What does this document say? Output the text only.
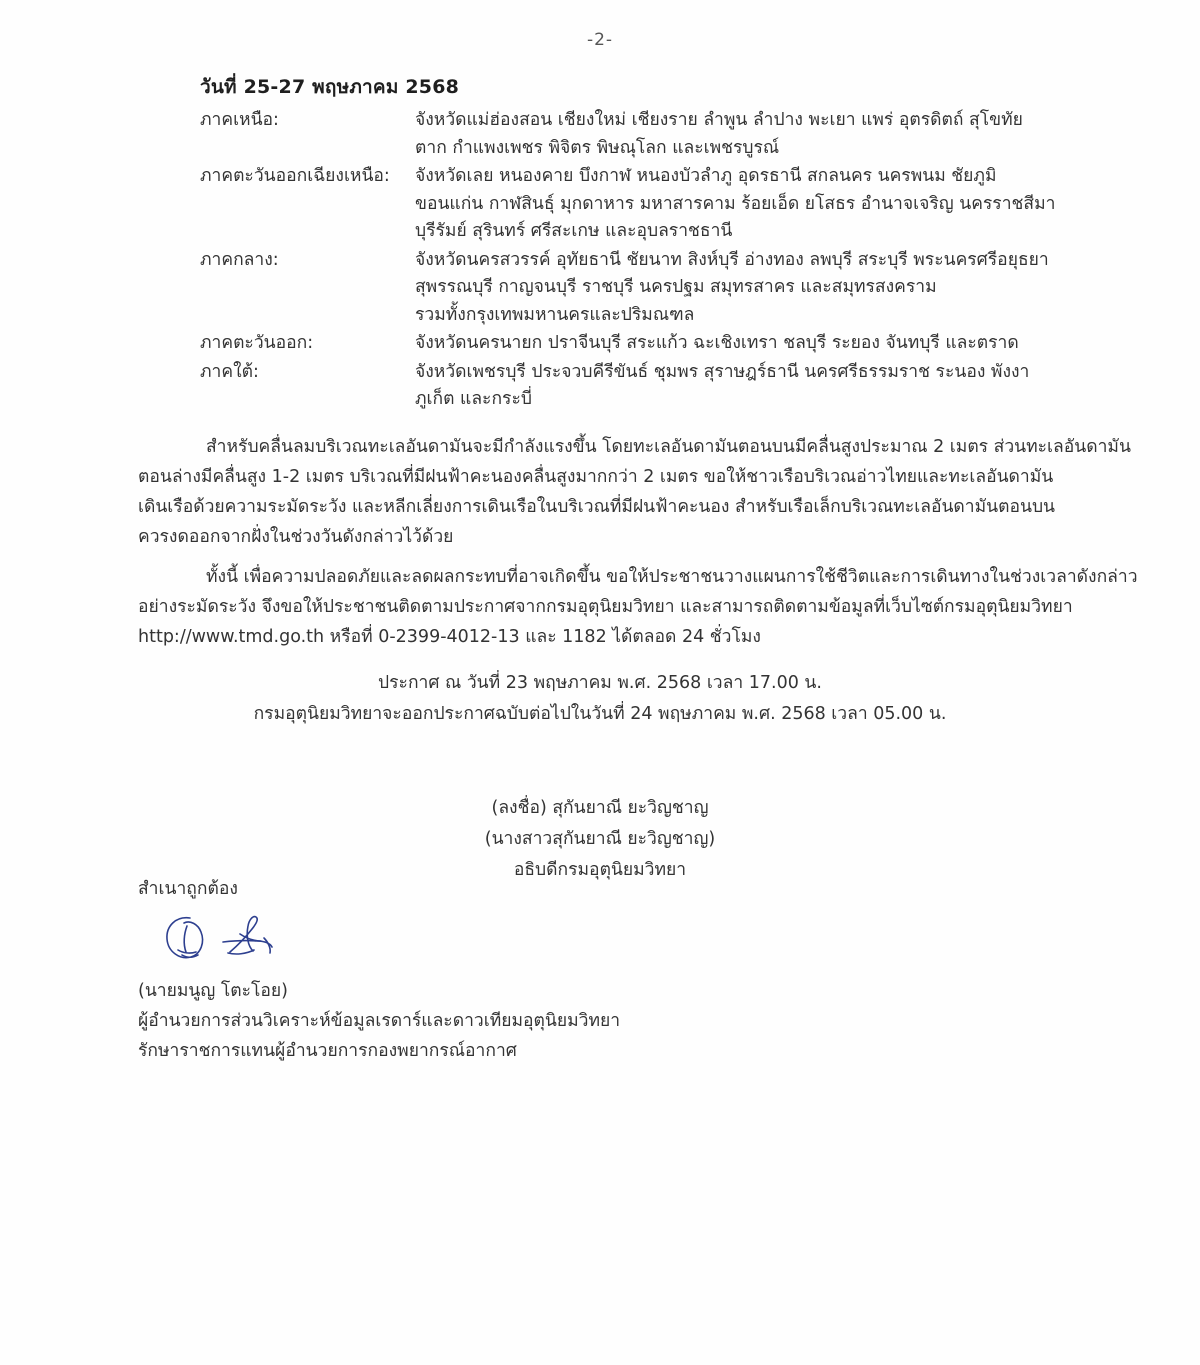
-2-
วันที่ 25-27 พฤษภาคม 2568
ภาคเหนือ:	จังหวัดแม่ฮ่องสอน เชียงใหม่ เชียงราย ลำพูน ลำปาง พะเยา แพร่ อุตรดิตถ์ สุโขทัย
ตาก กำแพงเพชร พิจิตร พิษณุโลก และเพชรบูรณ์
ภาคตะวันออกเฉียงเหนือ:	จังหวัดเลย หนองคาย บึงกาฬ หนองบัวลำภู อุดรธานี สกลนคร นครพนม ชัยภูมิ
ขอนแก่น กาฬสินธุ์ มุกดาหาร มหาสารคาม ร้อยเอ็ด ยโสธร อำนาจเจริญ นครราชสีมา
บุรีรัมย์ สุรินทร์ ศรีสะเกษ และอุบลราชธานี
ภาคกลาง:	จังหวัดนครสวรรค์ อุทัยธานี ชัยนาท สิงห์บุรี อ่างทอง ลพบุรี สระบุรี พระนครศรีอยุธยา
สุพรรณบุรี กาญจนบุรี ราชบุรี นครปฐม สมุทรสาคร และสมุทรสงคราม
รวมทั้งกรุงเทพมหานครและปริมณฑล
ภาคตะวันออก:	จังหวัดนครนายก ปราจีนบุรี สระแก้ว ฉะเชิงเทรา ชลบุรี ระยอง จันทบุรี และตราด
ภาคใต้:	จังหวัดเพชรบุรี ประจวบคีรีขันธ์ ชุมพร สุราษฎร์ธานี นครศรีธรรมราช ระนอง พังงา
ภูเก็ต และกระบี่
สำหรับคลื่นลมบริเวณทะเลอันดามันจะมีกำลังแรงขึ้น โดยทะเลอันดามันตอนบนมีคลื่นสูงประมาณ 2 เมตร ส่วนทะเลอันดามัน
ตอนล่างมีคลื่นสูง 1-2 เมตร บริเวณที่มีฝนฟ้าคะนองคลื่นสูงมากกว่า 2 เมตร ขอให้ชาวเรือบริเวณอ่าวไทยและทะเลอันดามัน
เดินเรือด้วยความระมัดระวัง และหลีกเลี่ยงการเดินเรือในบริเวณที่มีฝนฟ้าคะนอง สำหรับเรือเล็กบริเวณทะเลอันดามันตอนบน
ควรงดออกจากฝั่งในช่วงวันดังกล่าวไว้ด้วย
ทั้งนี้ เพื่อความปลอดภัยและลดผลกระทบที่อาจเกิดขึ้น ขอให้ประชาชนวางแผนการใช้ชีวิตและการเดินทางในช่วงเวลาดังกล่าว
อย่างระมัดระวัง จึงขอให้ประชาชนติดตามประกาศจากกรมอุตุนิยมวิทยา และสามารถติดตามข้อมูลที่เว็บไซต์กรมอุตุนิยมวิทยา
http://www.tmd.go.th หรือที่ 0-2399-4012-13 และ 1182 ได้ตลอด 24 ชั่วโมง
ประกาศ ณ วันที่ 23 พฤษภาคม พ.ศ. 2568 เวลา 17.00 น.
กรมอุตุนิยมวิทยาจะออกประกาศฉบับต่อไปในวันที่ 24 พฤษภาคม พ.ศ. 2568 เวลา 05.00 น.
(ลงชื่อ) สุกันยาณี ยะวิญชาญ
(นางสาวสุกันยาณี ยะวิญชาญ)
อธิบดีกรมอุตุนิยมวิทยา
สำเนาถูกต้อง
(นายมนูญ โตะโอย)
ผู้อำนวยการส่วนวิเคราะห์ข้อมูลเรดาร์และดาวเทียมอุตุนิยมวิทยา
รักษาราชการแทนผู้อำนวยการกองพยากรณ์อากาศ
